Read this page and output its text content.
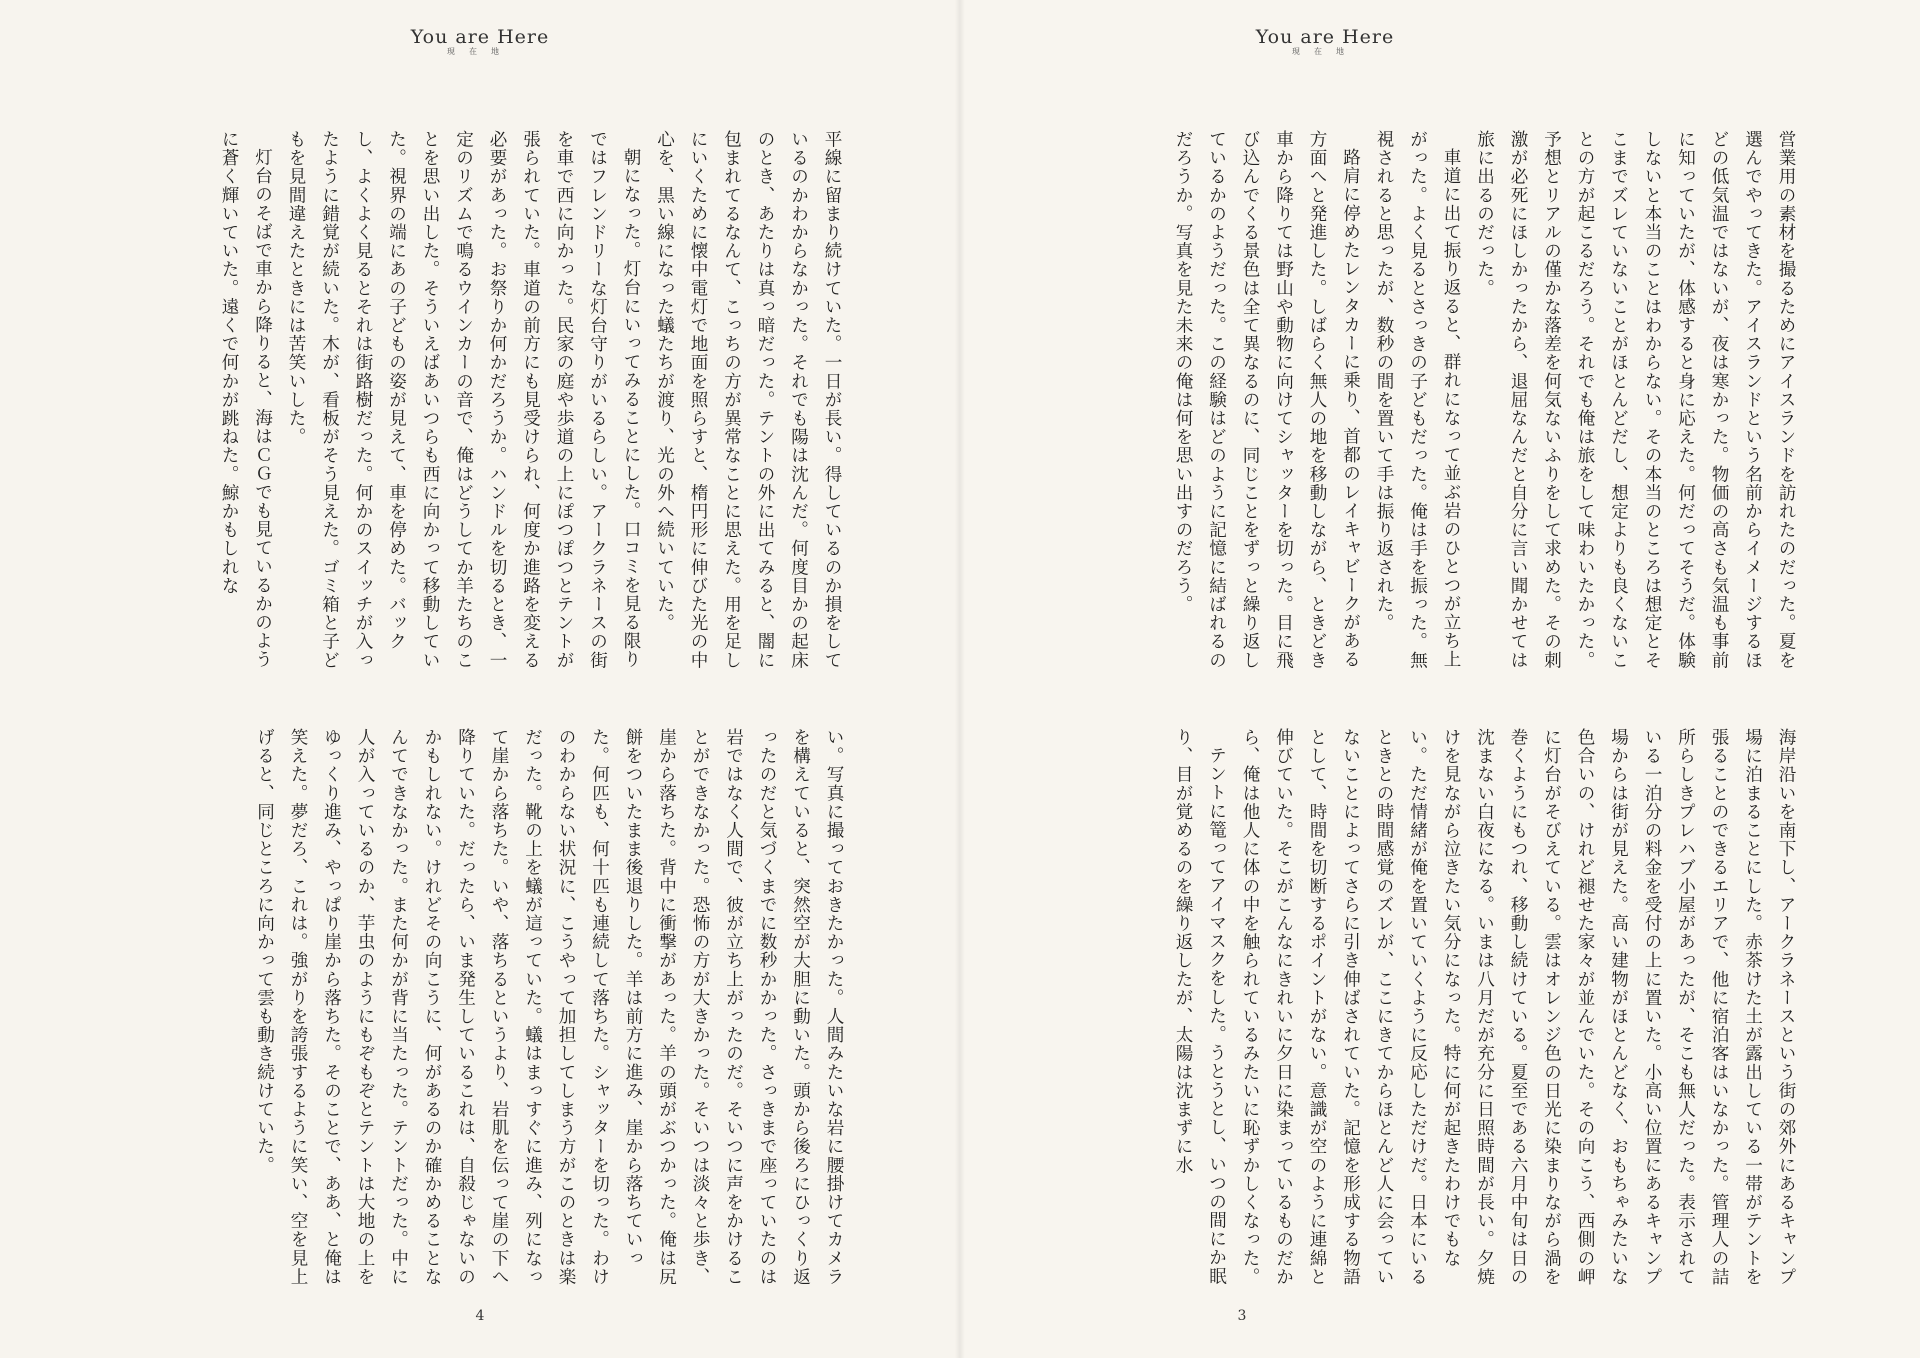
You are Here
現在地

平線に留まり続けていた。一日が長い。得しているのか損をしているのかわからなかった。それでも陽は沈んだ。何度目かの起床のとき、あたりは真っ暗だった。テントの外に出てみると、闇に包まれてるなんて、こっちの方が異常なことに思えた。用を足しにいくために懐中電灯で地面を照らすと、楕円形に伸びた光の中心を、黒い線になった蟻たちが渡り、光の外へ続いていた。

朝になった。灯台にいってみることにした。口コミを見る限りではフレンドリーな灯台守りがいるらしい。アークラネースの街を車で西に向かった。民家の庭や歩道の上にぽつぽつとテントが張られていた。車道の前方にも見受けられ、何度か進路を変える必要があった。お祭りか何かだろうか。ハンドルを切るとき、一定のリズムで鳴るウインカーの音で、俺はどうしてか羊たちのことを思い出した。そういえばあいつらも西に向かって移動していた。視界の端にあの子どもの姿が見えて、車を停めた。バックし、よくよく見るとそれは街路樹だった。何かのスイッチが入ったように錯覚が続いた。木が、看板がそう見えた。ゴミ箱と子どもを見間違えたときには苦笑いした。

灯台のそばで車から降りると、海はＣＧでも見ているかのように蒼く輝いていた。遠くで何かが跳ねた。鯨かもしれな

い。写真に撮っておきたかった。人間みたいな岩に腰掛けてカメラを構えていると、突然空が大胆に動いた。頭から後ろにひっくり返ったのだと気づくまでに数秒かかった。さっきまで座っていたのは岩ではなく人間で、彼が立ち上がったのだ。そいつに声をかけることができなかった。恐怖の方が大きかった。そいつは淡々と歩き、崖から落ちた。背中に衝撃があった。羊の頭がぶつかった。俺は尻餅をついたまま後退りした。羊は前方に進み、崖から落ちていった。何匹も、何十匹も連続して落ちた。シャッターを切った。わけのわからない状況に、こうやって加担してしまう方がこのときは楽だった。靴の上を蟻が這っていた。蟻はまっすぐに進み、列になって崖から落ちた。いや、落ちるというより、岩肌を伝って崖の下へ降りていた。だったら、いま発生しているこれは、自殺じゃないのかもしれない。けれどその向こうに、何があるのか確かめることなんてできなかった。また何かが背に当たった。テントだった。中に人が入っているのか、芋虫のようにもぞもぞとテントは大地の上をゆっくり進み、やっぱり崖から落ちた。そのことで、ああ、と俺は笑えた。夢だろ、これは。強がりを誇張するように笑い、空を見上げると、同じところに向かって雲も動き続けていた。

4
You are Here
現在地

営業用の素材を撮るためにアイスランドを訪れたのだった。夏を選んでやってきた。アイスランドという名前からイメージするほどの低気温ではないが、夜は寒かった。物価の高さも気温も事前に知っていたが、体感すると身に応えた。何だってそうだ。体験しないと本当のことはわからない。その本当のところは想定とそこまでズレていないことがほとんどだし、想定よりも良くないことの方が起こるだろう。それでも俺は旅をして味わいたかった。予想とリアルの僅かな落差を何気ないふりをして求めた。その刺激が必死にほしかったから、退屈なんだと自分に言い聞かせては旅に出るのだった。

車道に出て振り返ると、群れになって並ぶ岩のひとつが立ち上がった。よく見るとさっきの子どもだった。俺は手を振った。無視されると思ったが、数秒の間を置いて手は振り返された。

路肩に停めたレンタカーに乗り、首都のレイキャビークがある方面へと発進した。しばらく無人の地を移動しながら、ときどき車から降りては野山や動物に向けてシャッターを切った。目に飛び込んでくる景色は全て異なるのに、同じことをずっと繰り返しているかのようだった。この経験はどのように記憶に結ばれるのだろうか。写真を見た未来の俺は何を思い出すのだろう。

海岸沿いを南下し、アークラネースという街の郊外にあるキャンプ場に泊まることにした。赤茶けた土が露出している一帯がテントを張ることのできるエリアで、他に宿泊客はいなかった。管理人の詰所らしきプレハブ小屋があったが、そこも無人だった。表示されている一泊分の料金を受付の上に置いた。小高い位置にあるキャンプ場からは街が見えた。高い建物がほとんどなく、おもちゃみたいな色合いの、けれど褪せた家々が並んでいた。その向こう、西側の岬に灯台がそびえている。雲はオレンジ色の日光に染まりながら渦を巻くようにもつれ、移動し続けている。夏至である六月中旬は日の沈まない白夜になる。いまは八月だが充分に日照時間が長い。夕焼けを見ながら泣きたい気分になった。特に何が起きたわけでもない。ただ情緒が俺を置いていくように反応しただけだ。日本にいるときとの時間感覚のズレが、ここにきてからほとんど人に会っていないことによってさらに引き伸ばされていた。記憶を形成する物語として、時間を切断するポイントがない。意識が空のように連綿と伸びていた。そこがこんなにきれいに夕日に染まっているものだから、俺は他人に体の中を触られているみたいに恥ずかしくなった。

テントに篭ってアイマスクをした。うとうとし、いつの間にか眠り、目が覚めるのを繰り返したが、太陽は沈まずに水

3
